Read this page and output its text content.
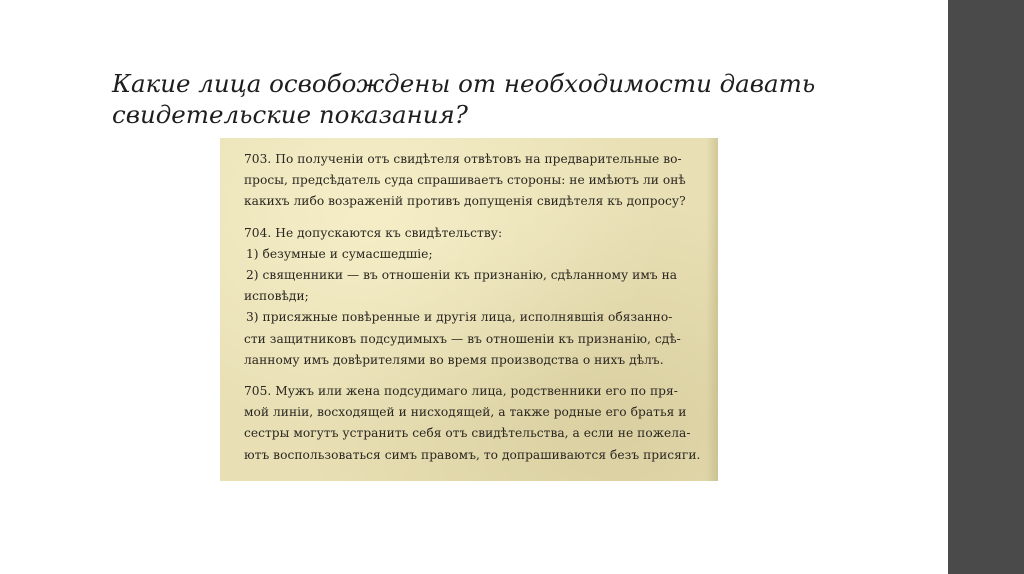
Какие лица освобождены от необходимости давать
свидетельские показания?

703. По полученіи отъ свидѣтеля отвѣтовъ на предварительные во-

просы, предсѣдатель суда спрашиваетъ стороны: не имѣютъ ли онѣ

какихъ либо возраженій противъ допущенія свидѣтеля къ допросу?

704. Не допускаются къ свидѣтельству:

1) безумные и сумасшедшіе;

2) священники — въ отношеніи къ признанію, сдѣланному имъ на

исповѣди;

3) присяжные повѣренные и другія лица, исполнявшія обязанно-

сти защитниковъ подсудимыхъ — въ отношеніи къ признанію, сдѣ-

ланному имъ довѣрителями во время производства о нихъ дѣлъ.

705. Мужъ или жена подсудимаго лица, родственники его по пря-

мой линіи, восходящей и нисходящей, а также родные его братья и

сестры могутъ устранить себя отъ свидѣтельства, а если не пожела-

ютъ воспользоваться симъ правомъ, то допрашиваются безъ присяги.
